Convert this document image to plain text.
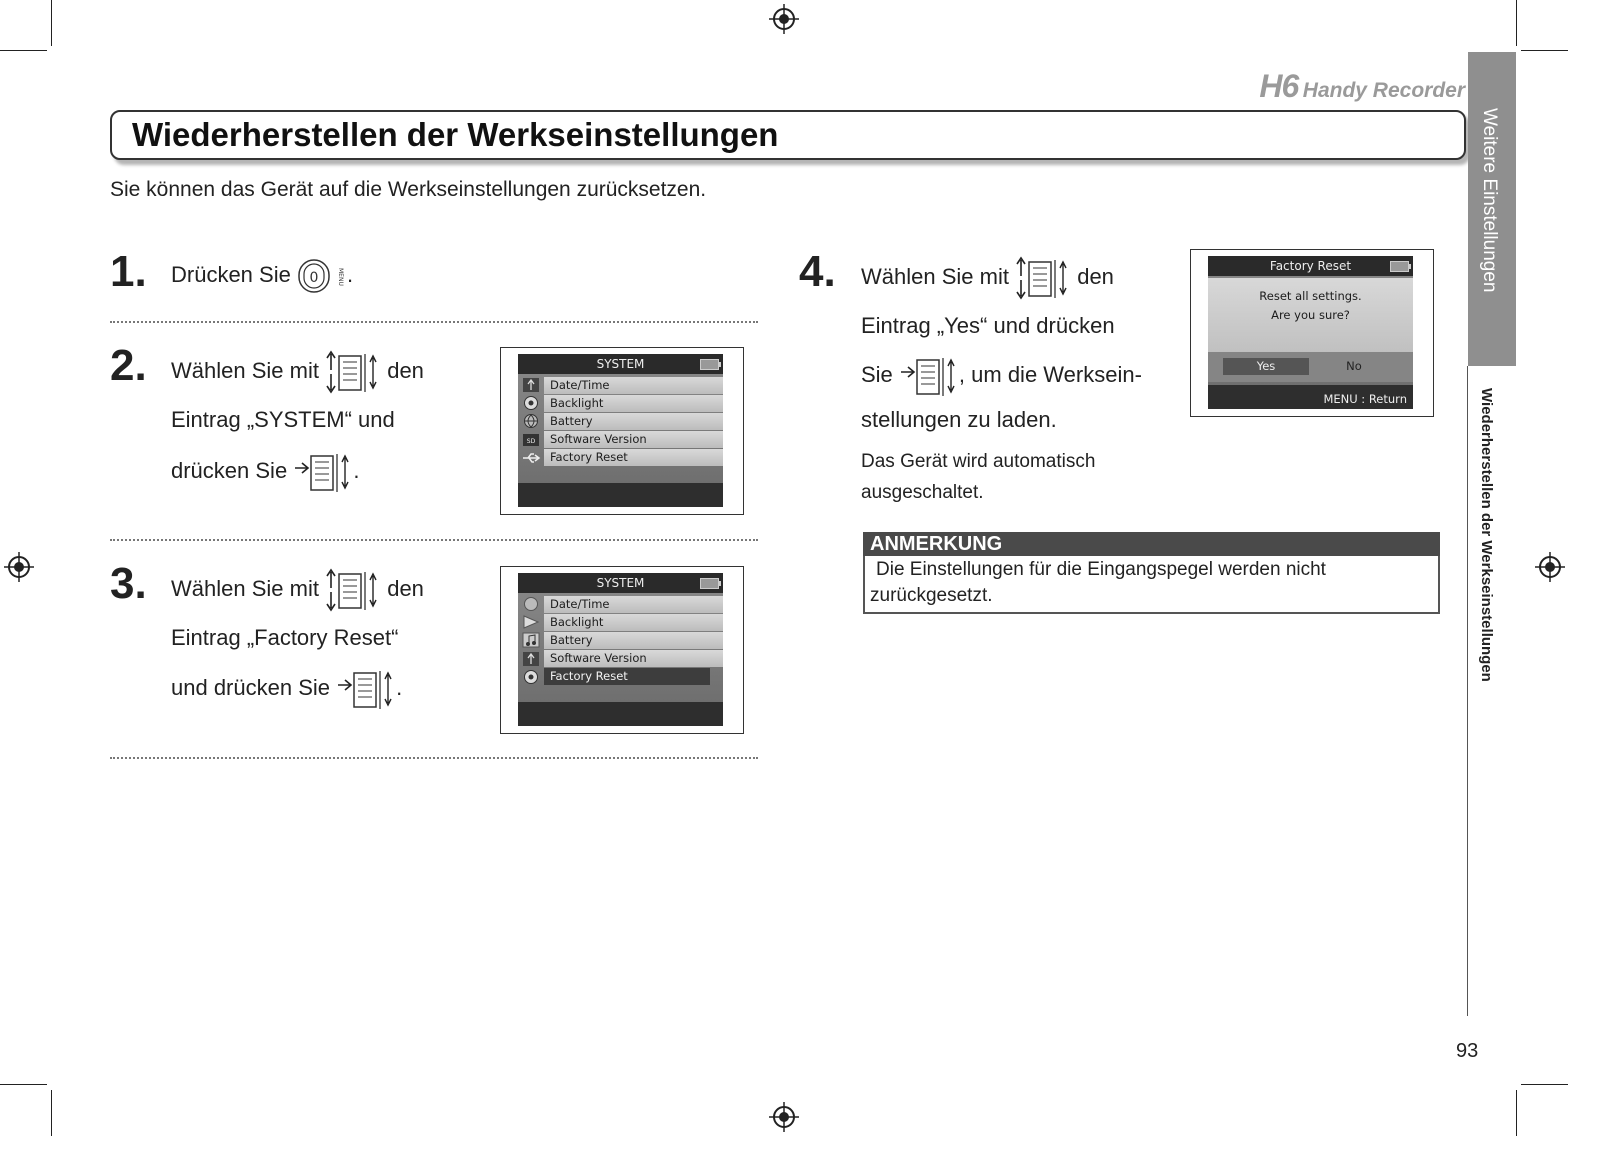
H6 Handy Recorder
Wiederherstellen der Werkseinstellungen
Sie können das Gerät auf die Werkseinstellungen zurücksetzen.
1. Drücken Sie 0	MENU .
2. Wählen Sie mit	den
Eintrag „SYSTEM“ und
drücken Sie	.
SYSTEM
SD
Date/Time
Backlight
Battery
Software Version
Factory Reset
3. Wählen Sie mit	den
Eintrag „Factory Reset“
und drücken Sie	.
SYSTEM
Date/Time
Backlight
Battery
Software Version
Factory Reset
4. Wählen Sie mit	den
Eintrag „Yes“ und drücken
Sie	, um die Werksein-
stellungen zu laden.
Das Gerät wird automatisch
ausgeschaltet.
Factory Reset
Reset all settings.
Are you sure?
Yes	No
MENU : Return
ANMERKUNG
Die Einstellungen für die Eingangspegel werden nicht
zurückgesetzt.
Weitere Einstellungen
Wiederherstellen der Werkseinstellungen
93
